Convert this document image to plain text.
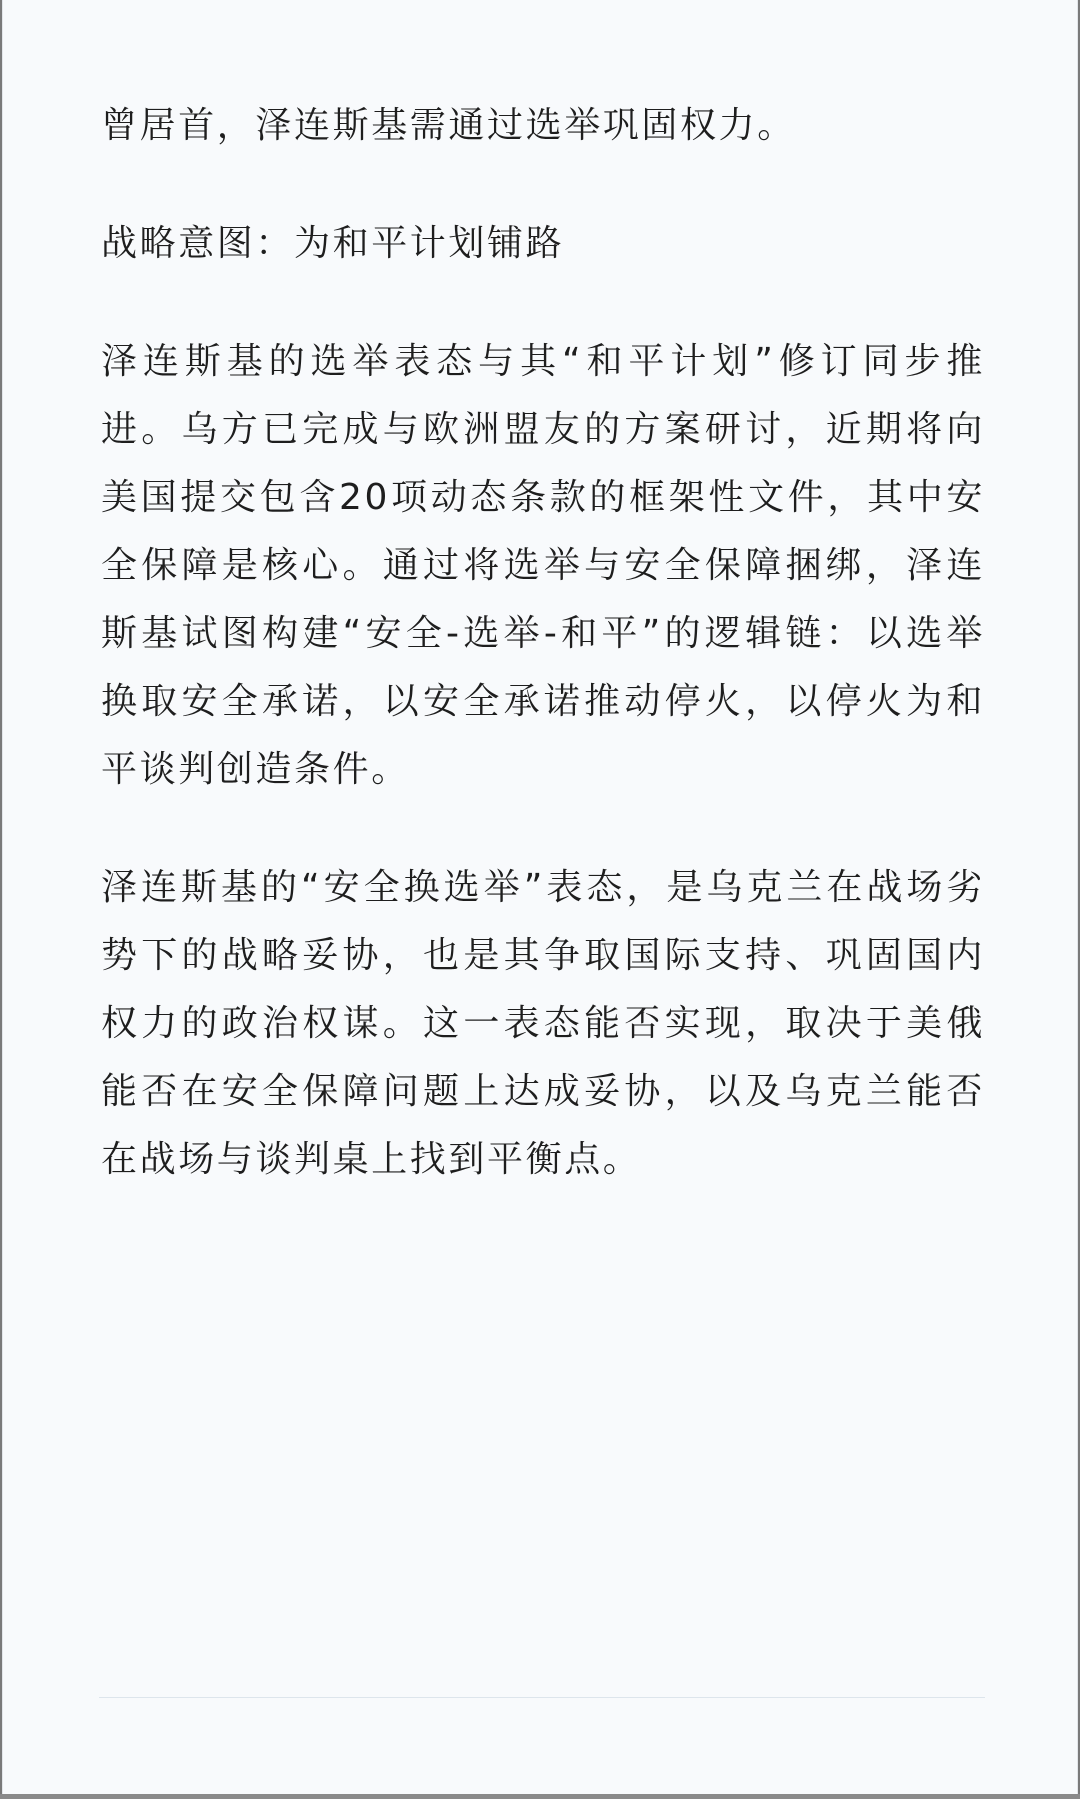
曾居首，泽连斯基需通过选举巩固权力。

战略意图：为和平计划铺路

泽连斯基的选举表态与其“和平计划”修订同步推进。乌方已完成与欧洲盟友的方案研讨，近期将向美国提交包含20项动态条款的框架性文件，其中安全保障是核心。通过将选举与安全保障捆绑，泽连斯基试图构建“安全-选举-和平”的逻辑链：以选举换取安全承诺，以安全承诺推动停火，以停火为和平谈判创造条件。

泽连斯基的“安全换选举”表态，是乌克兰在战场劣势下的战略妥协，也是其争取国际支持、巩固国内权力的政治权谋。这一表态能否实现，取决于美俄能否在安全保障问题上达成妥协，以及乌克兰能否在战场与谈判桌上找到平衡点。
